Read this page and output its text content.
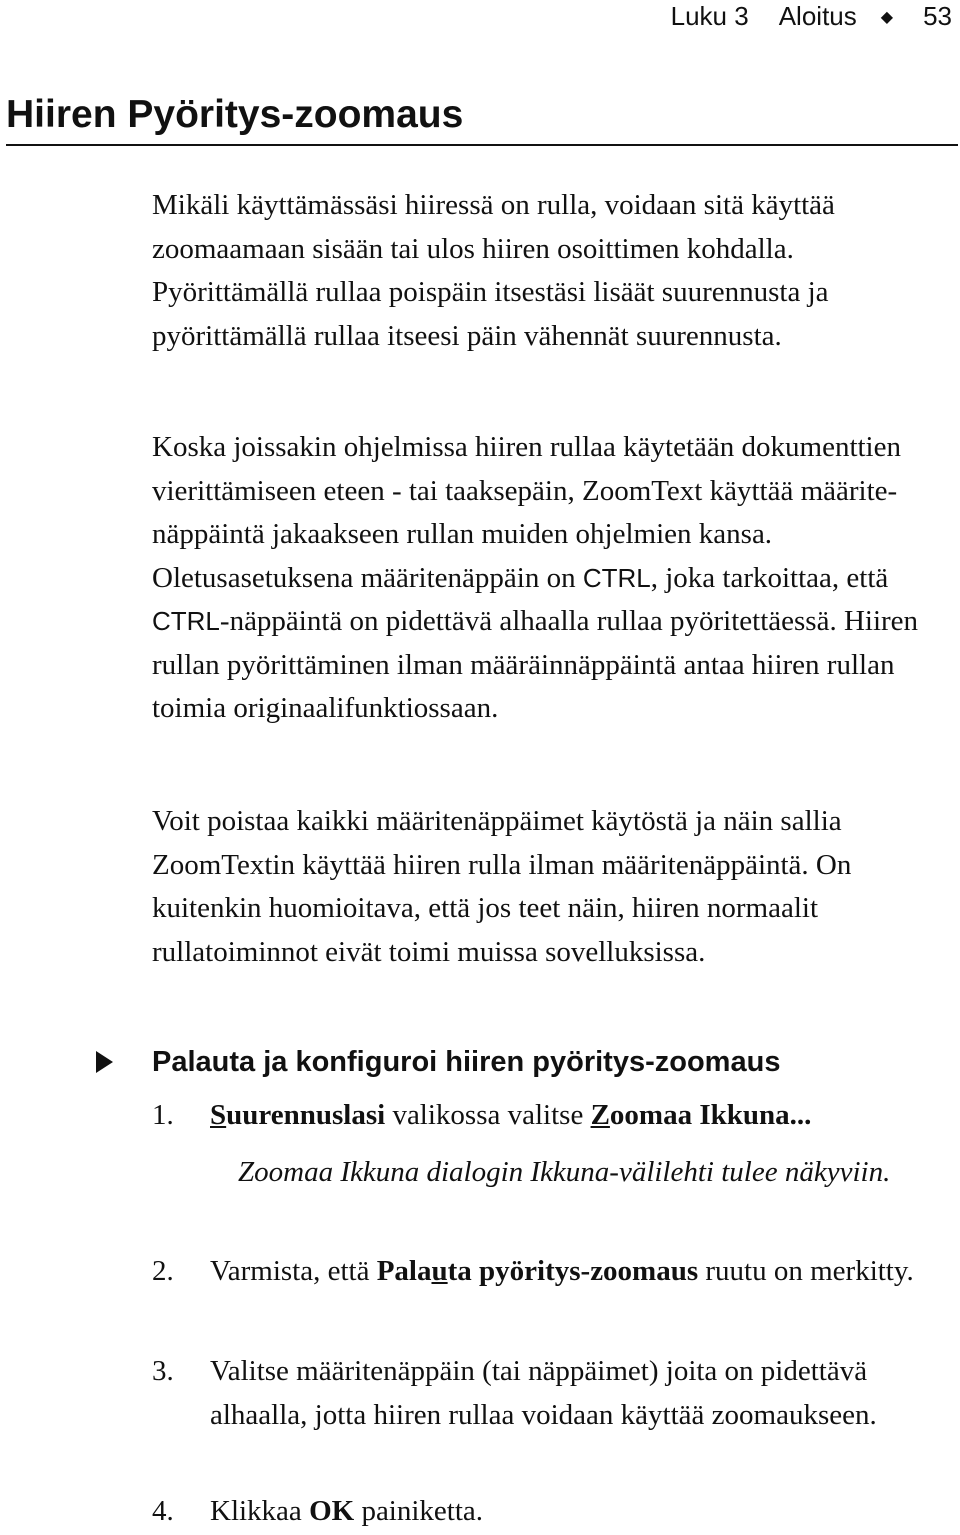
Luku 3 Aloitus ◆ 53
Hiiren Pyöritys-zoomaus

Mikäli käyttämässäsi hiiressä on rulla, voidaan sitä käyttää zoomaamaan sisään tai ulos hiiren osoittimen kohdalla. Pyörittämällä rullaa poispäin itsestäsi lisäät suurennusta ja pyörittämällä rullaa itseesi päin vähennät suurennusta.

Koska joissakin ohjelmissa hiiren rullaa käytetään dokumenttien vierittämiseen eteen - tai taaksepäin, ZoomText käyttää määrite-näppäintä jakaakseen rullan muiden ohjelmien kansa. Oletusasetuksena määritenäppäin on CTRL, joka tarkoittaa, että CTRL-näppäintä on pidettävä alhaalla rullaa pyöritettäessä. Hiiren rullan pyörittäminen ilman määräinnäppäintä antaa hiiren rullan toimia originaalifunktiossaan.

Voit poistaa kaikki määritenäppäimet käytöstä ja näin sallia ZoomTextin käyttää hiiren rulla ilman määritenäppäintä. On kuitenkin huomioitava, että jos teet näin, hiiren normaalit rullatoiminnot eivät toimi muissa sovelluksissa.

Palauta ja konfiguroi hiiren pyöritys-zoomaus
1. Suurennuslasi valikossa valitse Zoomaa Ikkuna...
Zoomaa Ikkuna dialogin Ikkuna-välilehti tulee näkyviin.
2. Varmista, että Palauta pyöritys-zoomaus ruutu on merkitty.
3. Valitse määritenäppäin (tai näppäimet) joita on pidettävä alhaalla, jotta hiiren rullaa voidaan käyttää zoomaukseen.
4. Klikkaa OK painiketta.
